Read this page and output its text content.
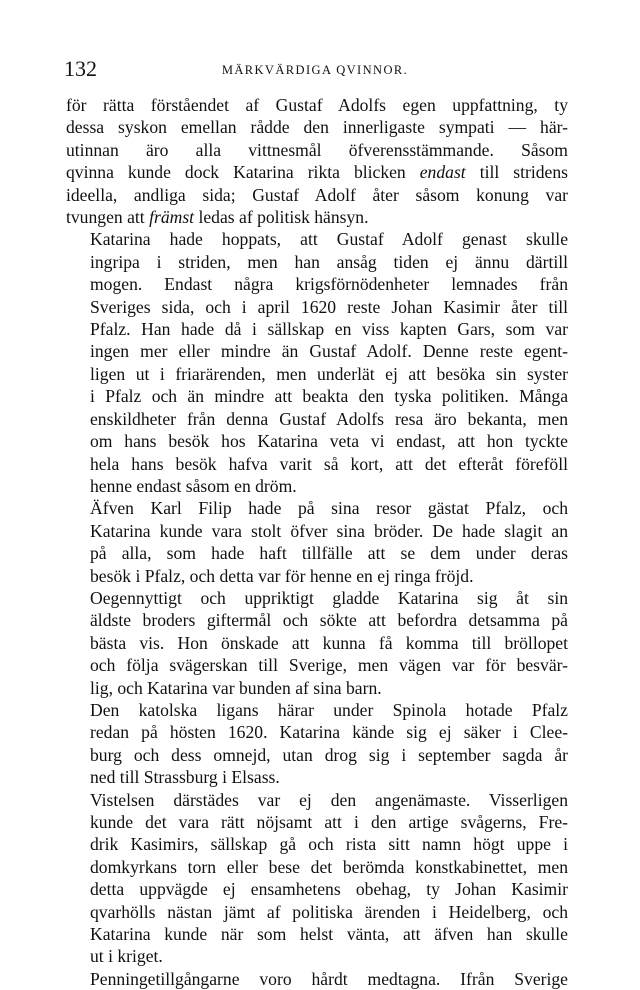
132	MÄRKVÄRDIGA QVINNOR.
för rätta förståendet af Gustaf Adolfs egen uppfattning, ty
dessa syskon emellan rådde den innerligaste sympati — här-
utinnan äro alla vittnesmål öfverensstämmande. Såsom
qvinna kunde dock Katarina rikta blicken endast till stridens
ideella, andliga sida; Gustaf Adolf åter såsom konung var
tvungen att främst ledas af politisk hänsyn.
Katarina hade hoppats, att Gustaf Adolf genast skulle
ingripa i striden, men han ansåg tiden ej ännu därtill
mogen. Endast några krigsförnödenheter lemnades från
Sveriges sida, och i april 1620 reste Johan Kasimir åter till
Pfalz. Han hade då i sällskap en viss kapten Gars, som var
ingen mer eller mindre än Gustaf Adolf. Denne reste egent-
ligen ut i friarärenden, men underlät ej att besöka sin syster
i Pfalz och än mindre att beakta den tyska politiken. Många
enskildheter från denna Gustaf Adolfs resa äro bekanta, men
om hans besök hos Katarina veta vi endast, att hon tyckte
hela hans besök hafva varit så kort, att det efteråt föreföll
henne endast såsom en dröm.
Äfven Karl Filip hade på sina resor gästat Pfalz, och
Katarina kunde vara stolt öfver sina bröder. De hade slagit an
på alla, som hade haft tillfälle att se dem under deras
besök i Pfalz, och detta var för henne en ej ringa fröjd.
Oegennyttigt och uppriktigt gladde Katarina sig åt sin
äldste broders giftermål och sökte att befordra detsamma på
bästa vis. Hon önskade att kunna få komma till bröllopet
och följa svägerskan till Sverige, men vägen var för besvär-
lig, och Katarina var bunden af sina barn.
Den katolska ligans härar under Spinola hotade Pfalz
redan på hösten 1620. Katarina kände sig ej säker i Clee-
burg och dess omnejd, utan drog sig i september sagda år
ned till Strassburg i Elsass.
Vistelsen därstädes var ej den angenämaste. Visserligen
kunde det vara rätt nöjsamt att i den artige svågerns, Fre-
drik Kasimirs, sällskap gå och rista sitt namn högt uppe i
domkyrkans torn eller bese det berömda konstkabinettet, men
detta uppvägde ej ensamhetens obehag, ty Johan Kasimir
qvarhölls nästan jämt af politiska ärenden i Heidelberg, och
Katarina kunde när som helst vänta, att äfven han skulle
ut i kriget.
Penningetillgångarne voro hårdt medtagna. Ifrån Sverige
